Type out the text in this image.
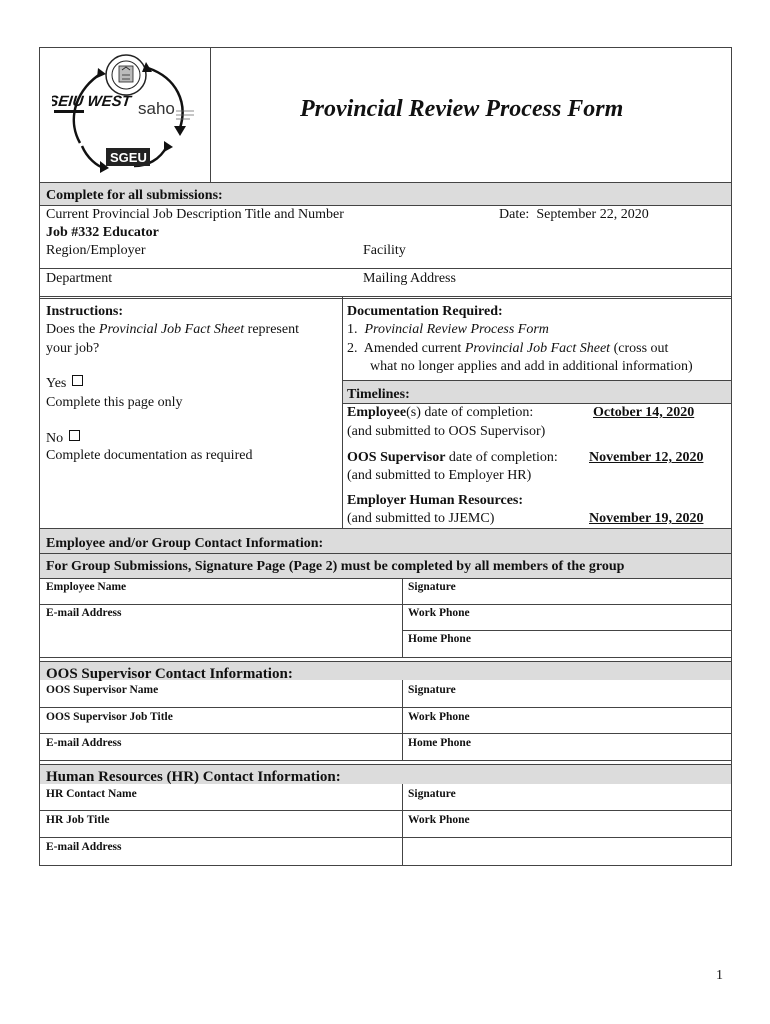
SEIU WEST saho
SGEU
Provincial Review Process Form
Complete for all submissions:
Current Provincial Job Description Title and Number	Date: September 22, 2020
Job #332 Educator
Region/Employer	Facility
Department	Mailing Address
Instructions:
Does the Provincial Job Fact Sheet represent
your job?
Yes
Complete this page only
No
Complete documentation as required
Documentation Required:
1. Provincial Review Process Form
2. Amended current Provincial Job Fact Sheet (cross out
what no longer applies and add in additional information)
Timelines:
Employee(s) date of completion:	October 14, 2020
(and submitted to OOS Supervisor)
OOS Supervisor date of completion: November 12, 2020
(and submitted to Employer HR)
Employer Human Resources:
(and submitted to JJEMC)	November 19, 2020
Employee and/or Group Contact Information:
For Group Submissions, Signature Page (Page 2) must be completed by all members of the group
Employee Name	Signature
E-mail Address	Work Phone
Home Phone
OOS Supervisor Contact Information:
OOS Supervisor Name	Signature
OOS Supervisor Job Title	Work Phone
E-mail Address	Home Phone
Human Resources (HR) Contact Information:
HR Contact Name	Signature
HR Job Title	Work Phone
E-mail Address
1
